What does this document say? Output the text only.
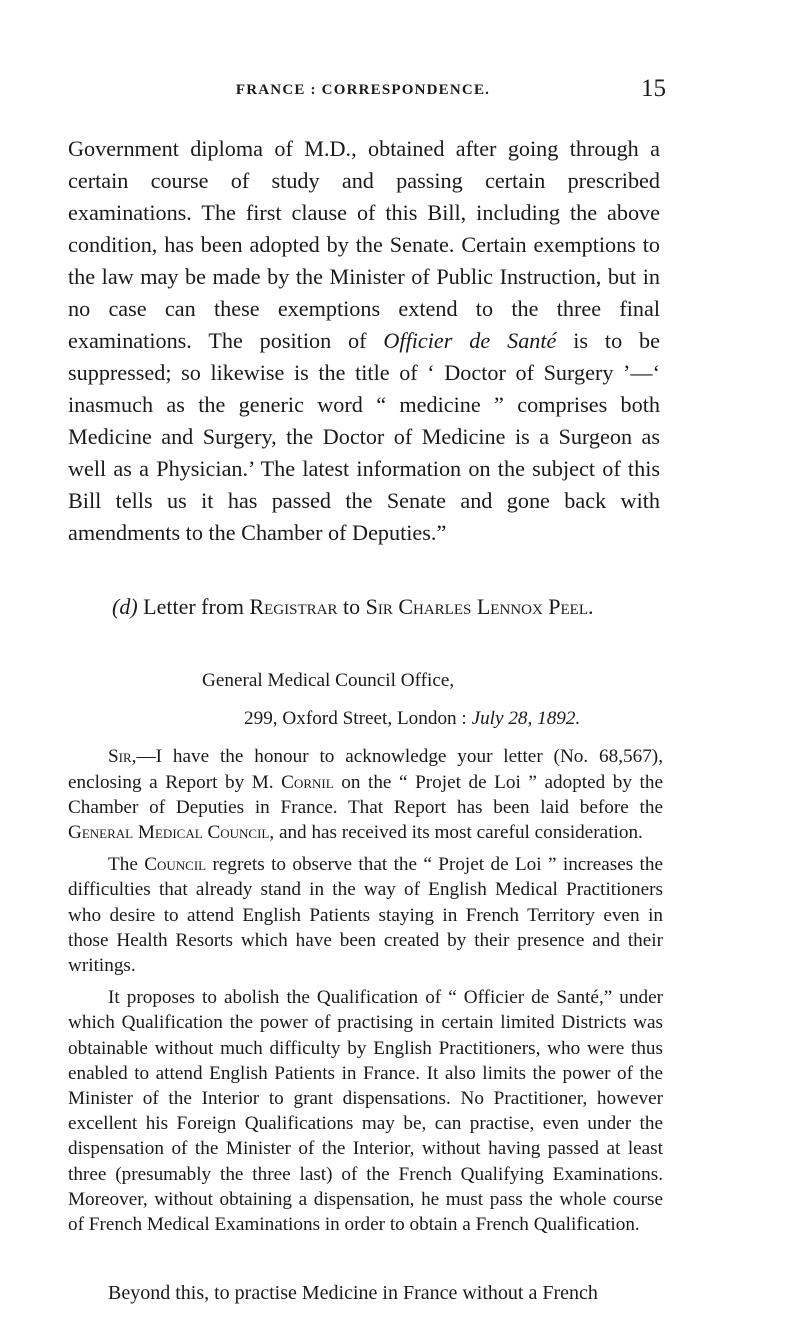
FRANCE : CORRESPONDENCE.	15

Government diploma of M.D., obtained after going through a certain course of study and passing certain prescribed examinations. The first clause of this Bill, including the above condition, has been adopted by the Senate. Certain exemptions to the law may be made by the Minister of Public Instruction, but in no case can these exemptions extend to the three final examinations. The position of Officier de Santé is to be suppressed; so likewise is the title of ‘ Doctor of Surgery ’—‘ inasmuch as the generic word “ medicine ” comprises both Medicine and Surgery, the Doctor of Medicine is a Surgeon as well as a Physician.’ The latest information on the subject of this Bill tells us it has passed the Senate and gone back with amendments to the Chamber of Deputies.”

(d) Letter from Registrar to Sir Charles Lennox Peel.
General Medical Council Office,
299, Oxford Street, London : July 28, 1892.

Sir,—I have the honour to acknowledge your letter (No. 68,567), enclosing a Report by M. Cornil on the “ Projet de Loi ” adopted by the Chamber of Deputies in France. That Report has been laid before the General Medical Council, and has received its most careful consideration.

The Council regrets to observe that the “ Projet de Loi ” increases the difficulties that already stand in the way of English Medical Practitioners who desire to attend English Patients staying in French Territory even in those Health Resorts which have been created by their presence and their writings.

It proposes to abolish the Qualification of “ Officier de Santé,” under which Qualification the power of practising in certain limited Districts was obtainable without much difficulty by English Practitioners, who were thus enabled to attend English Patients in France. It also limits the power of the Minister of the Interior to grant dispensations. No Practitioner, however excellent his Foreign Qualifications may be, can practise, even under the dispensation of the Minister of the Interior, without having passed at least three (presumably the three last) of the French Qualifying Examinations. Moreover, without obtaining a dispensation, he must pass the whole course of French Medical Examinations in order to obtain a French Qualification.

Beyond this, to practise Medicine in France without a French
